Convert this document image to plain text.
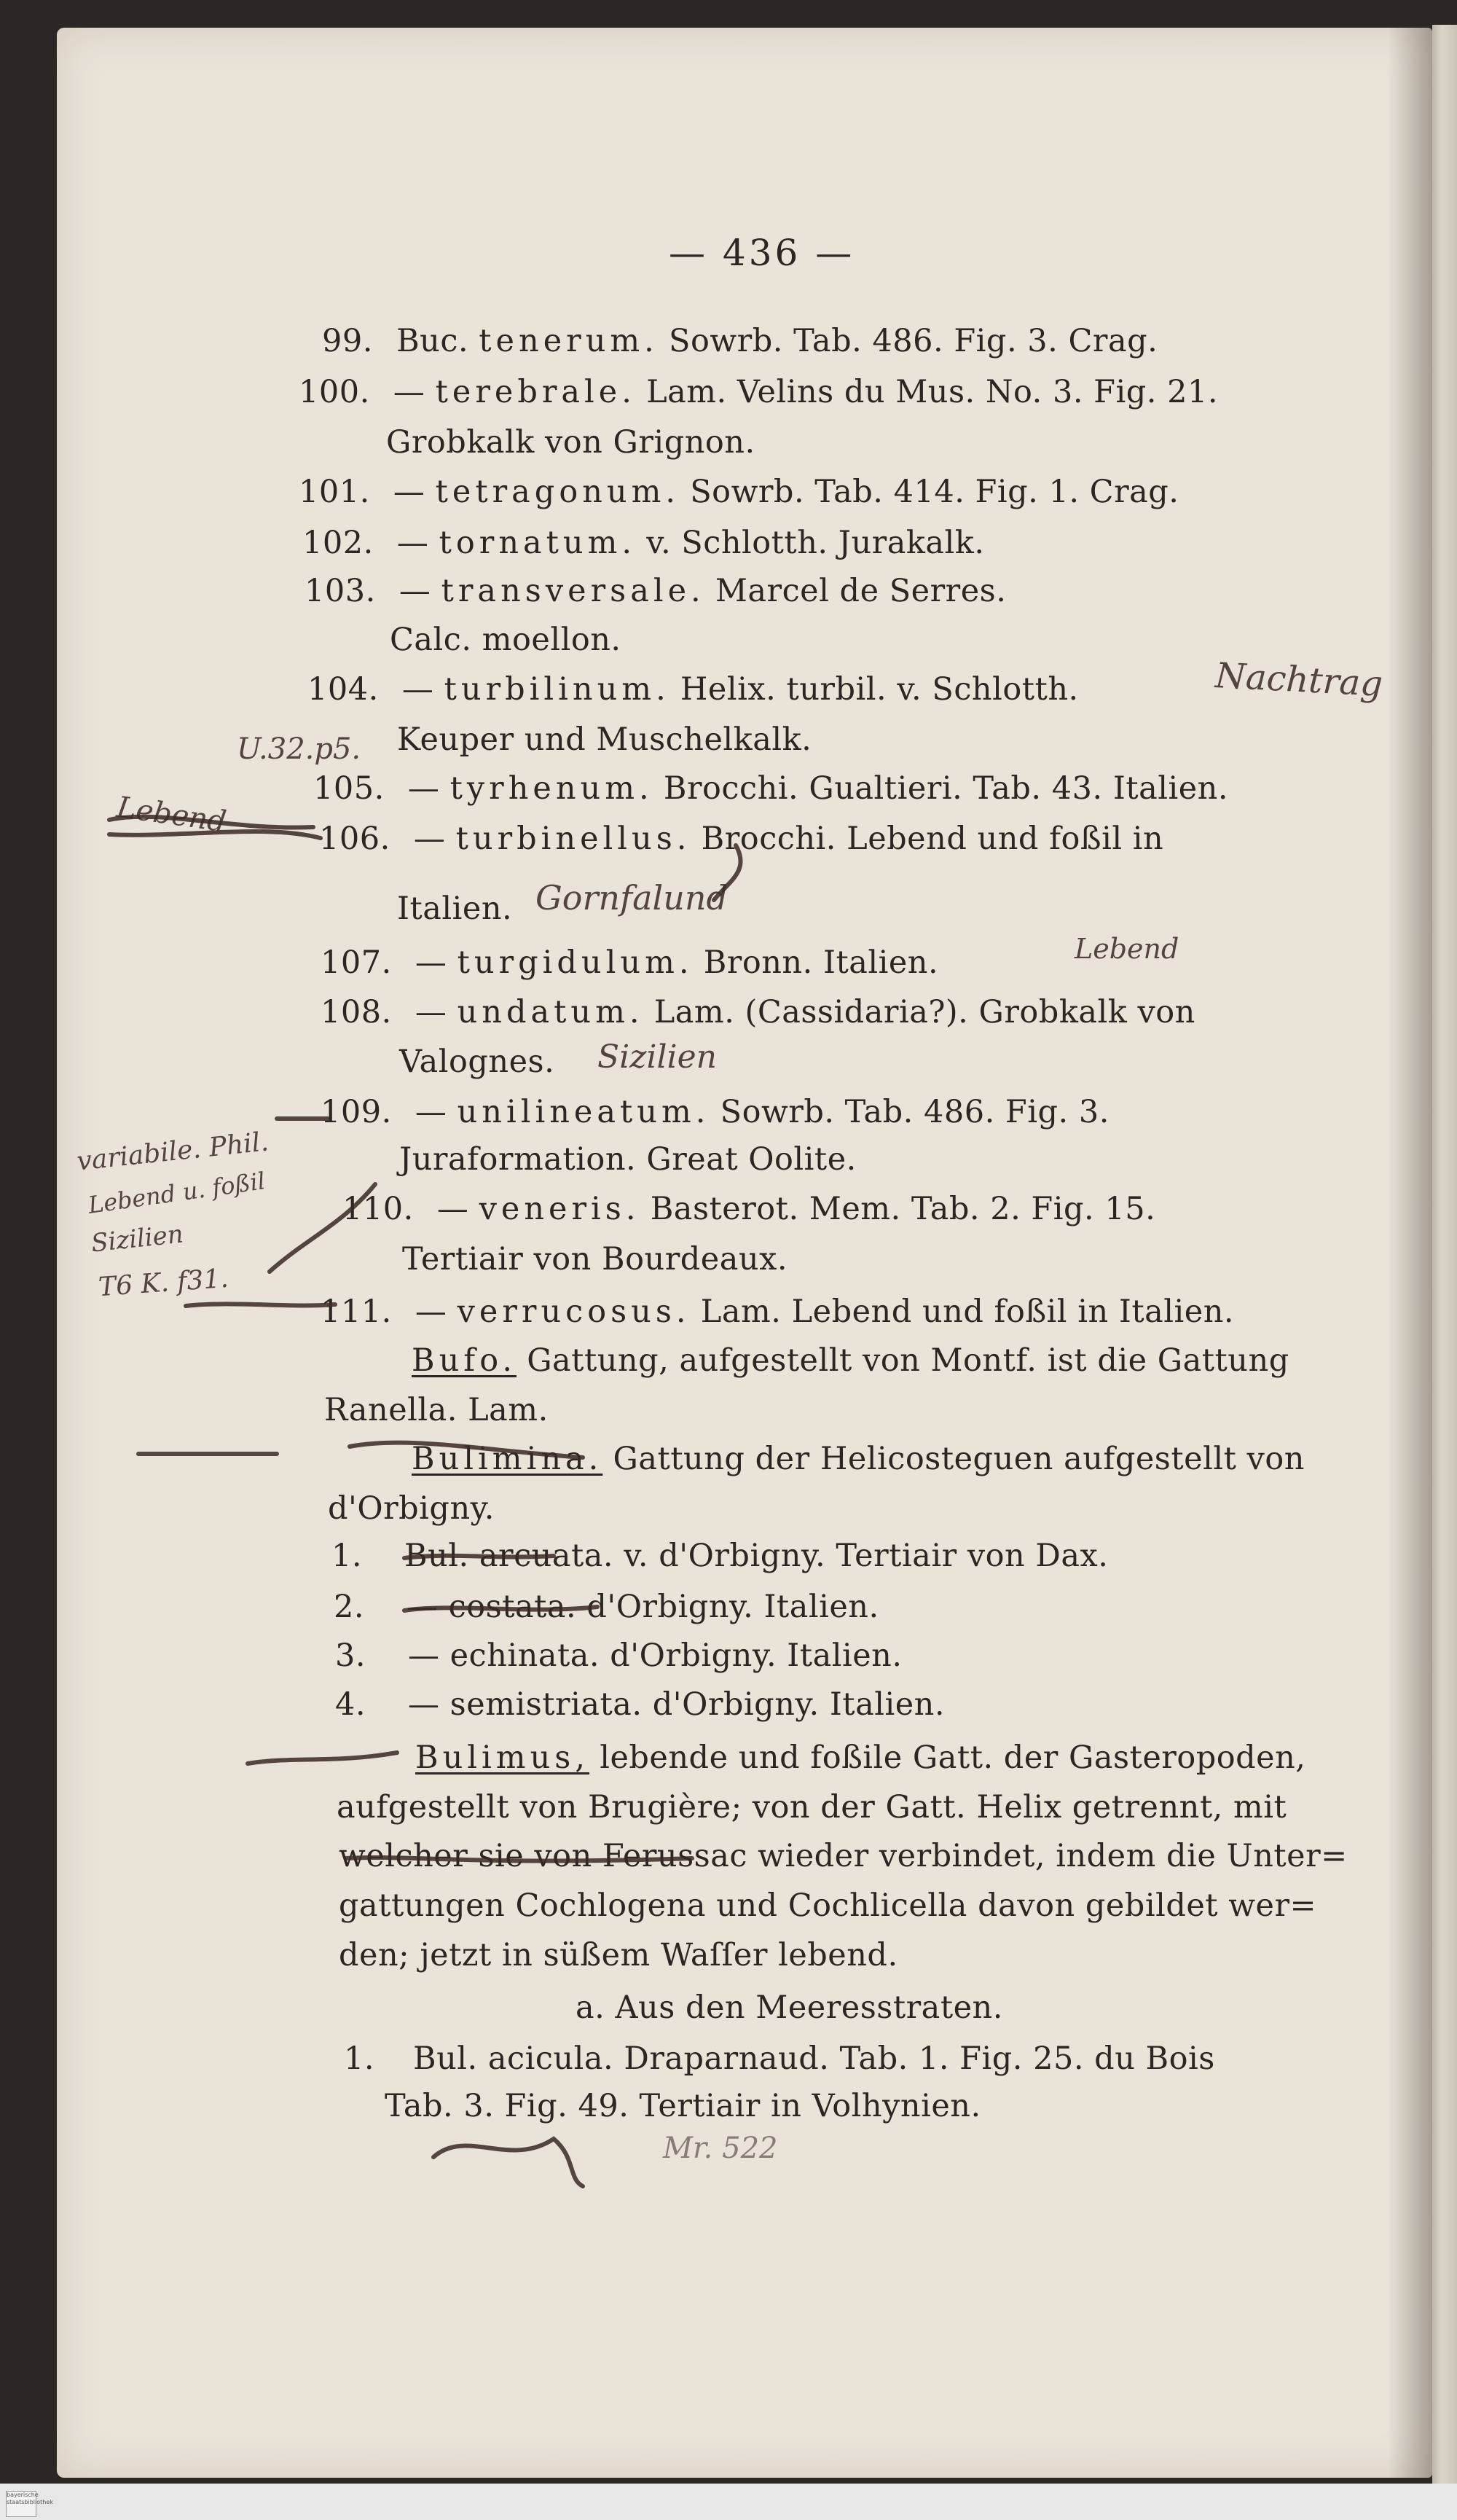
— 436 —
99. Buc. tenerum. Sowrb. Tab. 486. Fig. 3. Crag.
100. — terebrale. Lam. Velins du Mus. No. 3. Fig. 21.
Grobkalk von Grignon.
101. — tetragonum. Sowrb. Tab. 414. Fig. 1. Crag.
102. — tornatum. v. Schlotth. Jurakalk.
103. — transversale. Marcel de Serres.
Calc. moellon.
104. — turbilinum. Helix. turbil. v. Schlotth.
Keuper und Muschelkalk.
105. — tyrhenum. Brocchi. Gualtieri. Tab. 43. Italien.
106. — turbinellus. Brocchi. Lebend und foßil in
Italien.
107. — turgidulum. Bronn. Italien.
108. — undatum. Lam. (Cassidaria?). Grobkalk von
Valognes.
109. — unilineatum. Sowrb. Tab. 486. Fig. 3.
Juraformation. Great Oolite.
110. — veneris. Basterot. Mem. Tab. 2. Fig. 15.
Tertiair von Bourdeaux.
111. — verrucosus. Lam. Lebend und foßil in Italien.
Bufo. Gattung, aufgestellt von Montf. ist die Gattung
Ranella. Lam.
Bulimina. Gattung der Helicosteguen aufgestellt von
d'Orbigny.
1. Bul. arcuata. v. d'Orbigny. Tertiair von Dax.
2. — costata. d'Orbigny. Italien.
3. — echinata. d'Orbigny. Italien.
4. — semistriata. d'Orbigny. Italien.
Bulimus, lebende und foßile Gatt. der Gasteropoden,
aufgestellt von Brugière; von der Gatt. Helix getrennt, mit
welcher sie von Ferussac wieder verbindet, indem die Unter=
gattungen Cochlogena und Cochlicella davon gebildet wer=
den; jetzt in süßem Waſſer lebend.
a. Aus den Meeresstraten.
1. Bul. acicula. Draparnaud. Tab. 1. Fig. 25. du Bois
Tab. 3. Fig. 49. Tertiair in Volhynien.
Nachtrag
U.32.p5.
Lebend
Gornfalund
Lebend
Sizilien
variabile. Phil.
Lebend u. foßil
Sizilien
T6 K. f31.
Mr. 522
bayerische staatsbibliothek
